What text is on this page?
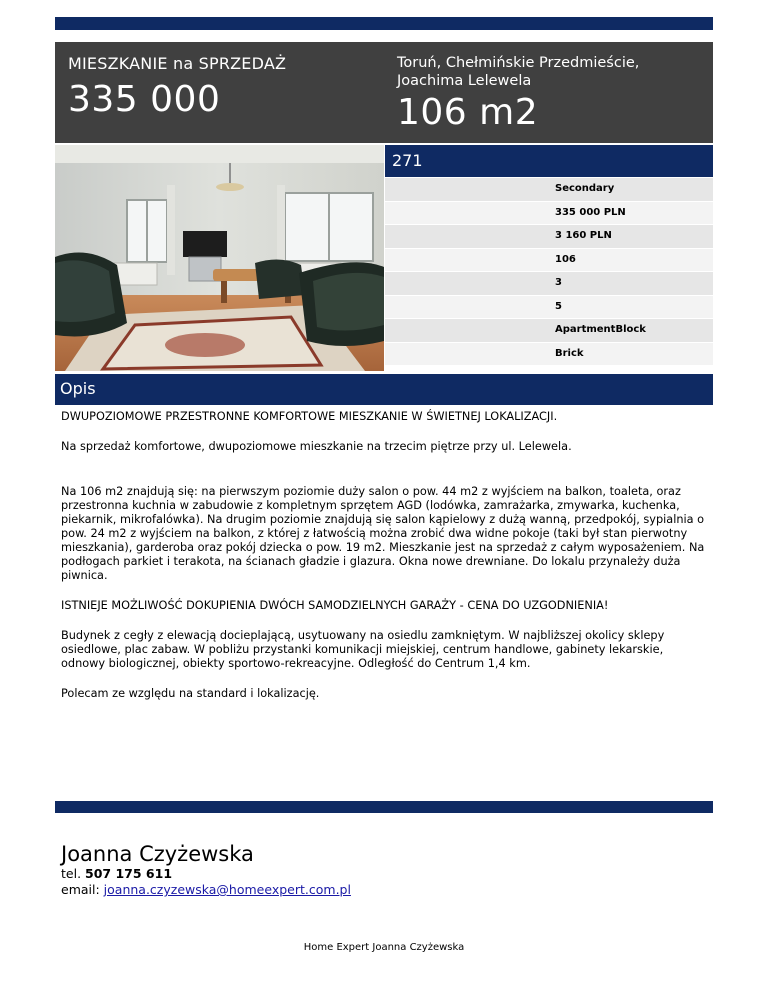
MIESZKANIE na SPRZEDAŻ
335 000
Toruń, Chełmińskie Przedmieście,
Joachima Lelewela
106 m2
271
Secondary
335 000 PLN
3 160 PLN
106
3
5
ApartmentBlock
Brick
Opis

DWUPOZIOMOWE PRZESTRONNE KOMFORTOWE MIESZKANIE W ŚWIETNEJ LOKALIZACJI.

Na sprzedaż komfortowe, dwupoziomowe mieszkanie na trzecim piętrze przy ul. Lelewela.

Na 106 m2 znajdują się: na pierwszym poziomie duży salon o pow. 44 m2 z wyjściem na balkon, toaleta, oraz przestronna kuchnia w zabudowie z kompletnym sprzętem AGD (lodówka, zamrażarka, zmywarka, kuchenka, piekarnik, mikrofalówka). Na drugim poziomie znajdują się salon kąpielowy z dużą wanną, przedpokój, sypialnia o pow. 24 m2 z wyjściem na balkon, z której z łatwością można zrobić dwa widne pokoje (taki był stan pierwotny mieszkania), garderoba oraz pokój dziecka o pow. 19 m2. Mieszkanie jest na sprzedaż z całym wyposażeniem. Na podłogach parkiet i terakota, na ścianach gładzie i glazura. Okna nowe drewniane. Do lokalu przynależy duża piwnica.

ISTNIEJE MOŻLIWOŚĆ DOKUPIENIA DWÓCH SAMODZIELNYCH GARAŻY - CENA DO UZGODNIENIA!

Budynek z cegły z elewacją docieplającą, usytuowany na osiedlu zamkniętym. W najbliższej okolicy sklepy osiedlowe, plac zabaw. W pobliżu przystanki komunikacji miejskiej, centrum handlowe, gabinety lekarskie, odnowy biologicznej, obiekty sportowo-rekreacyjne. Odległość do Centrum 1,4 km.

Polecam ze względu na standard i lokalizację.

Joanna Czyżewska
tel. 507 175 611
email: joanna.czyzewska@homeexpert.com.pl
Home Expert Joanna Czyżewska
